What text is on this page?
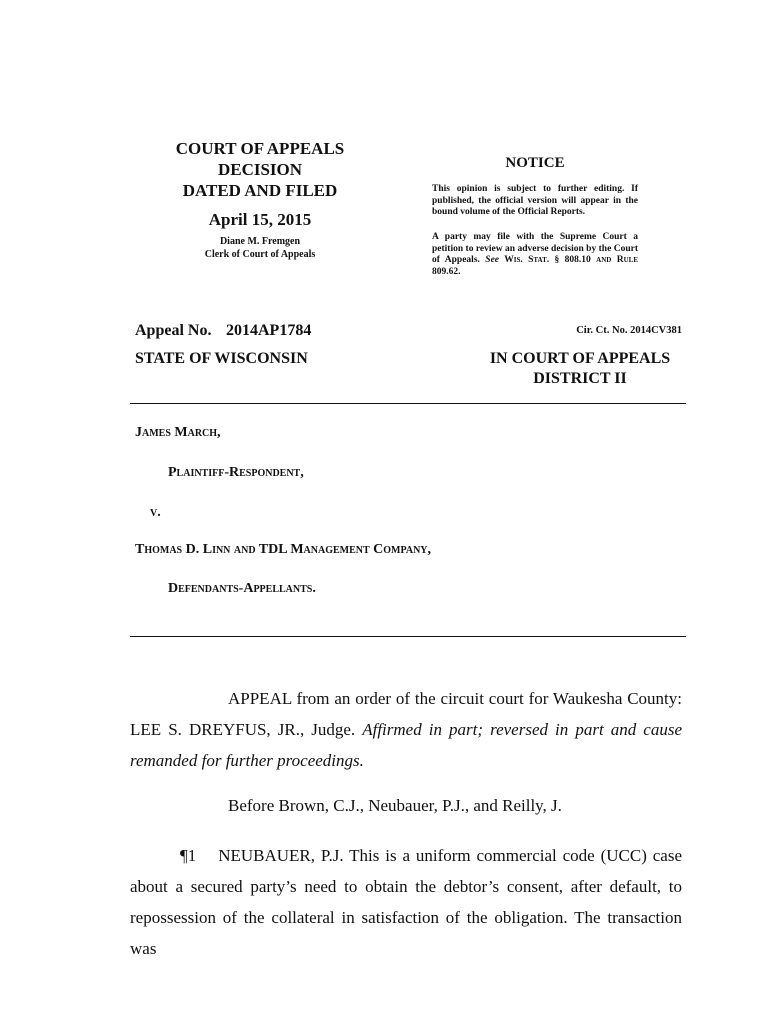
COURT OF APPEALS
DECISION
DATED AND FILED
April 15, 2015
Diane M. Fremgen
Clerk of Court of Appeals
NOTICE
This opinion is subject to further editing. If published, the official version will appear in the bound volume of the Official Reports.
A party may file with the Supreme Court a petition to review an adverse decision by the Court of Appeals. See Wis. Stat. § 808.10 and Rule 809.62.
Appeal No. 2014AP1784	Cir. Ct. No. 2014CV381
STATE OF WISCONSIN	IN COURT OF APPEALS
DISTRICT II
James March,
Plaintiff-Respondent,
v.
Thomas D. Linn and TDL Management Company,
Defendants-Appellants.
APPEAL from an order of the circuit court for Waukesha County: LEE S. DREYFUS, JR., Judge. Affirmed in part; reversed in part and cause remanded for further proceedings.
Before Brown, C.J., Neubauer, P.J., and Reilly, J.
¶1 NEUBAUER, P.J. This is a uniform commercial code (UCC) case about a secured party’s need to obtain the debtor’s consent, after default, to repossession of the collateral in satisfaction of the obligation. The transaction was
